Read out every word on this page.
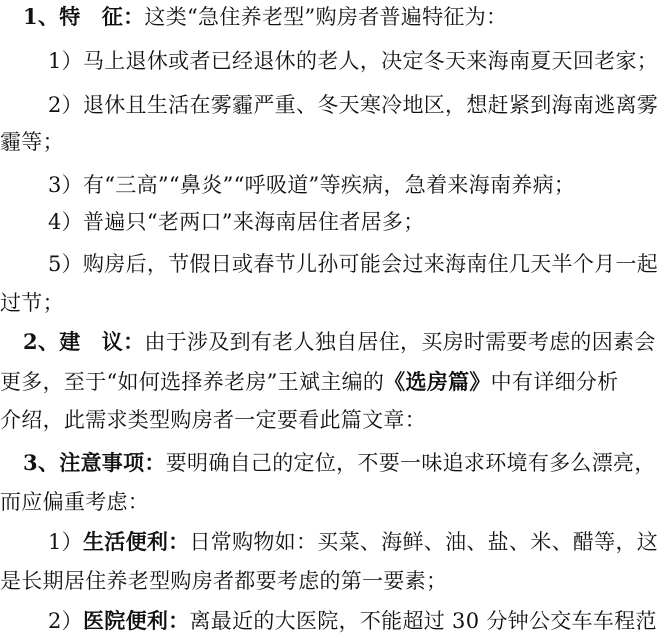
1、特　征：这类“急住养老型”购房者普遍特征为：
1）马上退休或者已经退休的老人，决定冬天来海南夏天回老家；
2）退休且生活在雾霾严重、冬天寒冷地区，想赶紧到海南逃离雾
霾等；
3）有“三高”“鼻炎”“呼吸道”等疾病，急着来海南养病；
4）普遍只“老两口”来海南居住者居多；
5）购房后，节假日或春节儿孙可能会过来海南住几天半个月一起
过节；
2、建　议：由于涉及到有老人独自居住，买房时需要考虑的因素会
更多，至于“如何选择养老房”王斌主编的《选房篇》中有详细分析
介绍，此需求类型购房者一定要看此篇文章：
3、注意事项：要明确自己的定位，不要一味追求环境有多么漂亮，
而应偏重考虑：
1）生活便利：日常购物如：买菜、海鲜、油、盐、米、醋等，这
是长期居住养老型购房者都要考虑的第一要素；
2）医院便利：离最近的大医院，不能超过 30 分钟公交车车程范
